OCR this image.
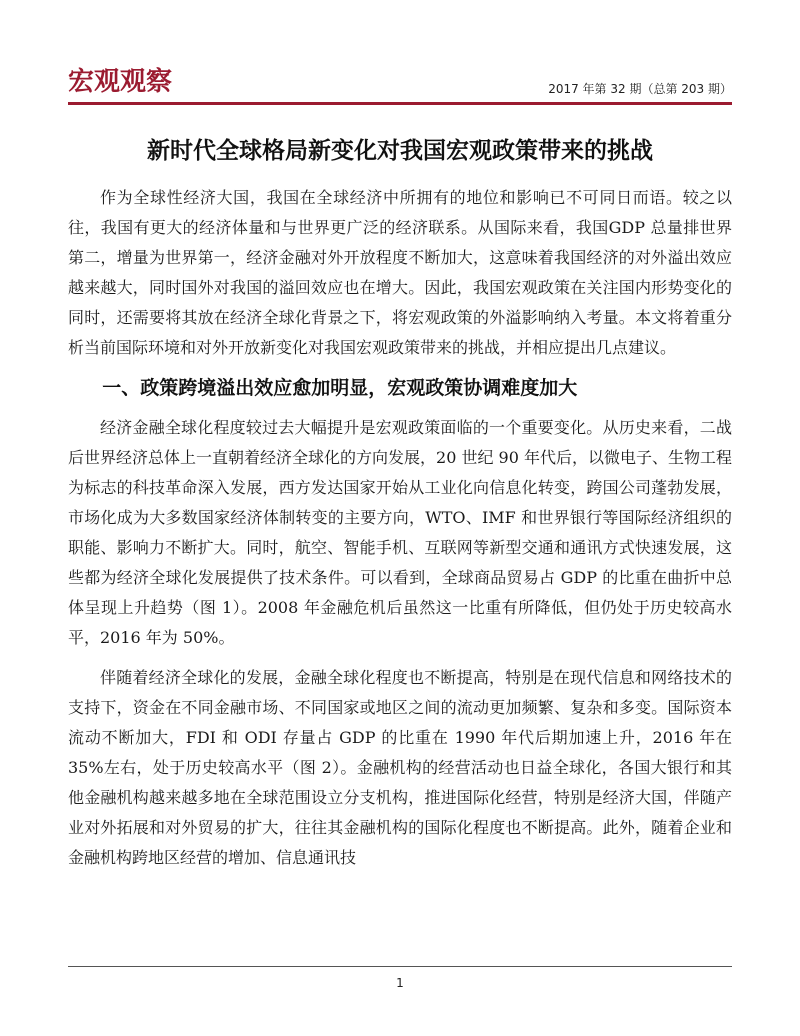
宏观观察	2017 年第 32 期（总第 203 期）
新时代全球格局新变化对我国宏观政策带来的挑战

作为全球性经济大国，我国在全球经济中所拥有的地位和影响已不可同日而语。较之以往，我国有更大的经济体量和与世界更广泛的经济联系。从国际来看，我国GDP 总量排世界第二，增量为世界第一，经济金融对外开放程度不断加大，这意味着我国经济的对外溢出效应越来越大，同时国外对我国的溢回效应也在增大。因此，我国宏观政策在关注国内形势变化的同时，还需要将其放在经济全球化背景之下，将宏观政策的外溢影响纳入考量。本文将着重分析当前国际环境和对外开放新变化对我国宏观政策带来的挑战，并相应提出几点建议。

一、政策跨境溢出效应愈加明显，宏观政策协调难度加大

经济金融全球化程度较过去大幅提升是宏观政策面临的一个重要变化。从历史来看，二战后世界经济总体上一直朝着经济全球化的方向发展，20 世纪 90 年代后，以微电子、生物工程为标志的科技革命深入发展，西方发达国家开始从工业化向信息化转变，跨国公司蓬勃发展，市场化成为大多数国家经济体制转变的主要方向，WTO、IMF 和世界银行等国际经济组织的职能、影响力不断扩大。同时，航空、智能手机、互联网等新型交通和通讯方式快速发展，这些都为经济全球化发展提供了技术条件。可以看到，全球商品贸易占 GDP 的比重在曲折中总体呈现上升趋势（图 1）。2008 年金融危机后虽然这一比重有所降低，但仍处于历史较高水平，2016 年为 50%。

伴随着经济全球化的发展，金融全球化程度也不断提高，特别是在现代信息和网络技术的支持下，资金在不同金融市场、不同国家或地区之间的流动更加频繁、复杂和多变。国际资本流动不断加大，FDI 和 ODI 存量占 GDP 的比重在 1990 年代后期加速上升，2016 年在 35%左右，处于历史较高水平（图 2）。金融机构的经营活动也日益全球化，各国大银行和其他金融机构越来越多地在全球范围设立分支机构，推进国际化经营，特别是经济大国，伴随产业对外拓展和对外贸易的扩大，往往其金融机构的国际化程度也不断提高。此外，随着企业和金融机构跨地区经营的增加、信息通讯技

1
